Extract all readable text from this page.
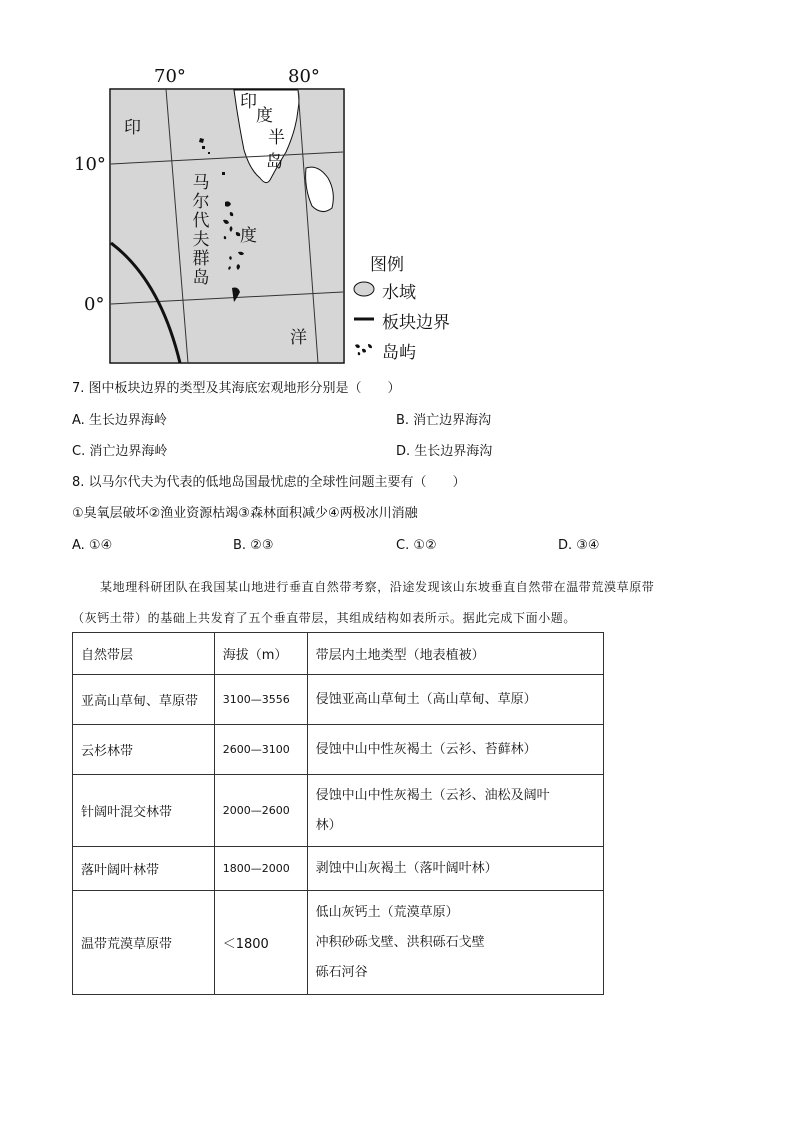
70°	80°
10°
0°
印
度
半
岛
印
度
洋
马
尔
代
夫
群
岛
图例
水域
板块边界
岛屿
7. 图中板块边界的类型及其海底宏观地形分别是（　　）
A. 生长边界海岭	B. 消亡边界海沟
C. 消亡边界海岭	D. 生长边界海沟
8. 以马尔代夫为代表的低地岛国最忧虑的全球性问题主要有（　　）
①臭氧层破坏②渔业资源枯竭③森林面积减少④两极冰川消融
A. ①④	B. ②③	C. ①②	D. ③④
某地理科研团队在我国某山地进行垂直自然带考察，沿途发现该山东坡垂直自然带在温带荒漠草原带
（灰钙土带）的基础上共发育了五个垂直带层，其组成结构如表所示。据此完成下面小题。
自然带层	海拔（m）	带层内土地类型（地表植被）
亚高山草甸、草原带	3100—3556	侵蚀亚高山草甸土（高山草甸、草原）

云杉林带	2600—3100	侵蚀中山中性灰褐土（云衫、苔藓林）

针阔叶混交林带	2000—2600	侵蚀中山中性灰褐土（云衫、油松及阔叶
林）

落叶阔叶林带	1800—2000	剥蚀中山灰褐土（落叶阔叶林）

温带荒漠草原带	＜1800	低山灰钙土（荒漠草原）
冲积砂砾戈壁、洪积砾石戈壁
砾石河谷
